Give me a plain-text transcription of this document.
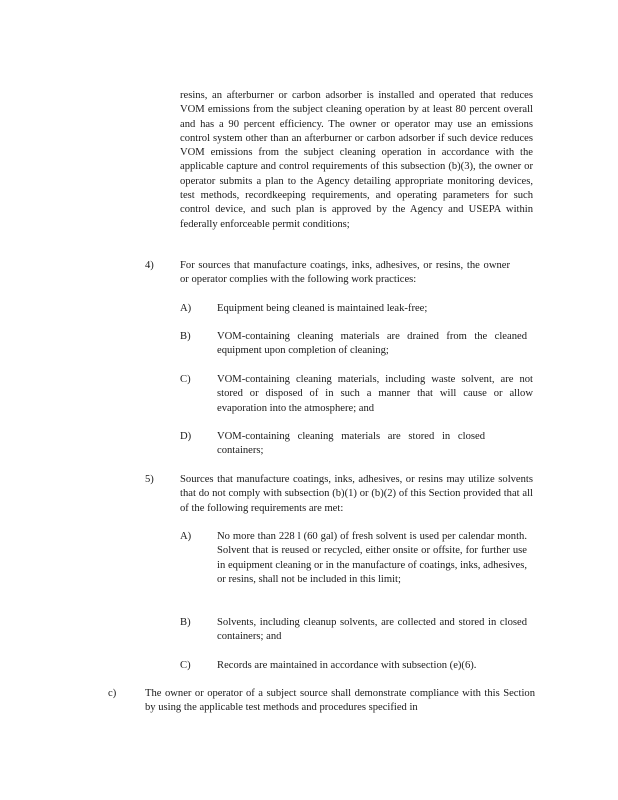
resins, an afterburner or carbon adsorber is installed and operated that reduces VOM emissions from the subject cleaning operation by at least 80 percent overall and has a 90 percent efficiency. The owner or operator may use an emissions control system other than an afterburner or carbon adsorber if such device reduces VOM emissions from the subject cleaning operation in accordance with the applicable capture and control requirements of this subsection (b)(3), the owner or operator submits a plan to the Agency detailing appropriate monitoring devices, test methods, recordkeeping requirements, and operating parameters for such control device, and such plan is approved by the Agency and USEPA within federally enforceable permit conditions;
4) For sources that manufacture coatings, inks, adhesives, or resins, the owner or operator complies with the following work practices:
A) Equipment being cleaned is maintained leak-free;
B) VOM-containing cleaning materials are drained from the cleaned equipment upon completion of cleaning;
C) VOM-containing cleaning materials, including waste solvent, are not stored or disposed of in such a manner that will cause or allow evaporation into the atmosphere; and
D) VOM-containing cleaning materials are stored in closed containers;
5) Sources that manufacture coatings, inks, adhesives, or resins may utilize solvents that do not comply with subsection (b)(1) or (b)(2) of this Section provided that all of the following requirements are met:
A) No more than 228 l (60 gal) of fresh solvent is used per calendar month. Solvent that is reused or recycled, either onsite or offsite, for further use in equipment cleaning or in the manufacture of coatings, inks, adhesives, or resins, shall not be included in this limit;
B) Solvents, including cleanup solvents, are collected and stored in closed containers; and
C) Records are maintained in accordance with subsection (e)(6).
c)	The owner or operator of a subject source shall demonstrate compliance with this Section by using the applicable test methods and procedures specified in
